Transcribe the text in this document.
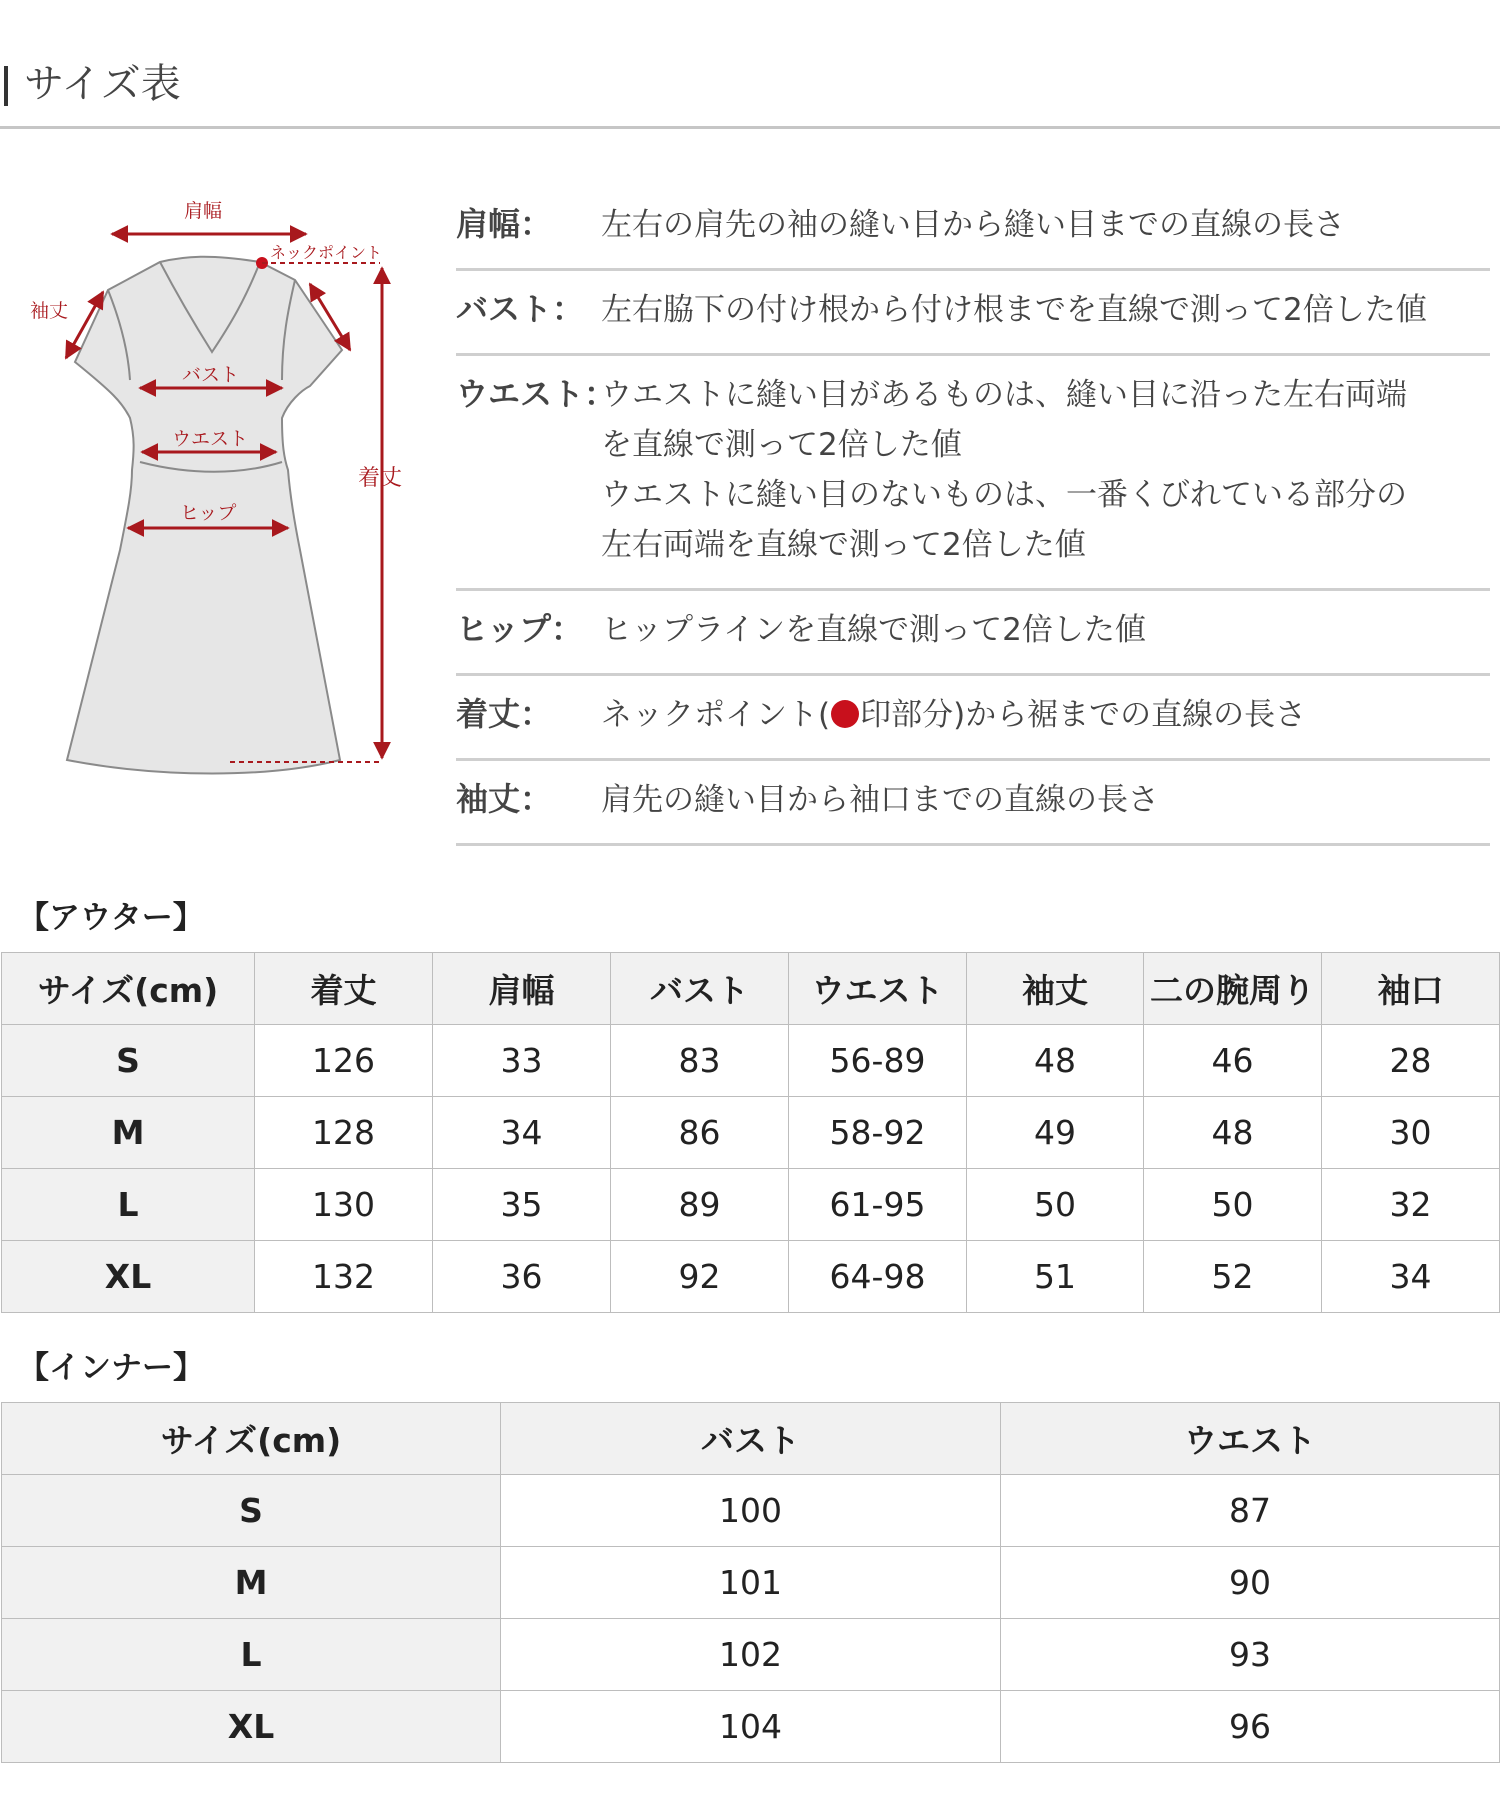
サイズ表
肩幅
ネックポイント
袖丈
バスト
ウエスト
ヒップ
着丈
肩幅： 左右の肩先の袖の縫い目から縫い目までの直線の長さ
バスト： 左右脇下の付け根から付け根までを直線で測って2倍した値
ウエスト：
ウエストに縫い目があるものは、縫い目に沿った左右両端
を直線で測って2倍した値
ウエストに縫い目のないものは、一番くびれている部分の
左右両端を直線で測って2倍した値
ヒップ： ヒップラインを直線で測って2倍した値
着丈： ネックポイント( 印部分)から裾までの直線の長さ
袖丈： 肩先の縫い目から袖口までの直線の長さ
【アウター】
サイズ(cm)	着丈	肩幅	バスト	ウエスト	袖丈	二の腕周り	袖口
S	126	33	83	56-89	48	46	28
M	128	34	86	58-92	49	48	30
L	130	35	89	61-95	50	50	32
XL	132	36	92	64-98	51	52	34
【インナー】
サイズ(cm)	バスト	ウエスト
S	100	87
M	101	90
L	102	93
XL	104	96
